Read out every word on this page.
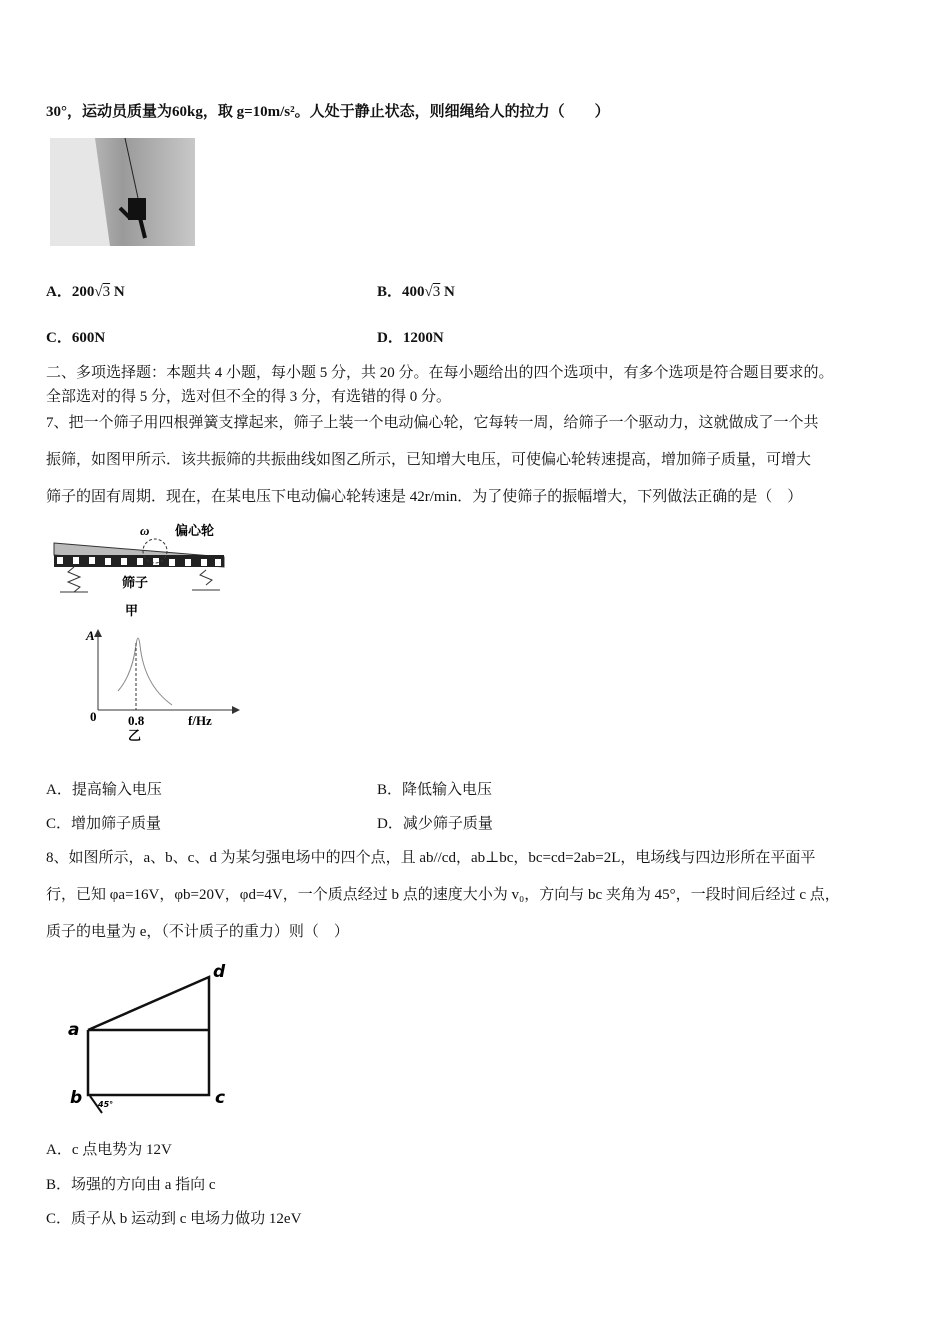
30°，运动员质量为60kg，取 g=10m/s²。人处于静止状态，则细绳给人的拉力（　　）
A．200√3 N	B．400√3 N
C．600N	D．1200N
二、多项选择题：本题共 4 小题，每小题 5 分，共 20 分。在每小题给出的四个选项中，有多个选项是符合题目要求的。
全部选对的得 5 分，选对但不全的得 3 分，有选错的得 0 分。
7、把一个筛子用四根弹簧支撑起来，筛子上装一个电动偏心轮，它每转一周，给筛子一个驱动力，这就做成了一个共
振筛，如图甲所示．该共振筛的共振曲线如图乙所示，已知增大电压，可使偏心轮转速提高，增加筛子质量，可增大
筛子的固有周期．现在，在某电压下电动偏心轮转速是 42r/min．为了使筛子的振幅增大，下列做法正确的是（　）
ω 偏心轮
筛子
甲
A
0 0.8	f/Hz
乙
A．提高输入电压	B．降低输入电压
C．增加筛子质量	D．减少筛子质量
8、如图所示，a、b、c、d 为某匀强电场中的四个点，且 ab//cd，ab⊥bc，bc=cd=2ab=2L，电场线与四边形所在平面平
行，已知 φa=16V，φb=20V，φd=4V，一个质点经过 b 点的速度大小为 v₀，方向与 bc 夹角为 45°，一段时间后经过 c 点，
质子的电量为 e，（不计质子的重力）则（　）
a
b	c
d
45°
A．c 点电势为 12V
B．场强的方向由 a 指向 c
C．质子从 b 运动到 c 电场力做功 12eV
